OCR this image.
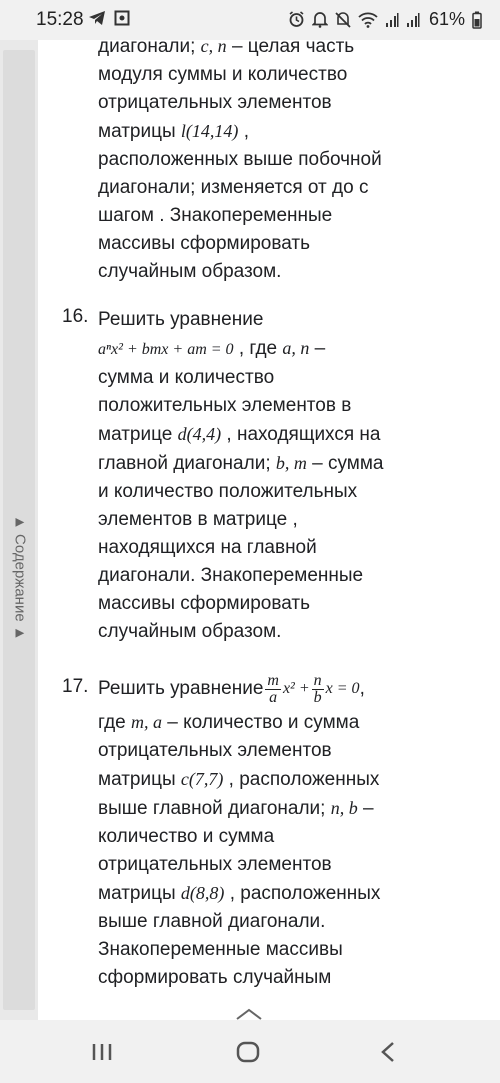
15:28	61%
▲ Содержание ▲
диагонали; c, n – целая часть
модуля суммы и количество
отрицательных элементов
матрицы l(14,14) ,
расположенных выше побочной
диагонали; изменяется от до с
шагом . Знакопеременные
массивы сформировать
случайным образом.
16. Решить уравнение
aⁿx² + bmx + am = 0 , где a, n –
сумма и количество
положительных элементов в
матрице d(4,4) , находящихся на
главной диагонали; b, m – сумма
и количество положительных
элементов в матрице ,
находящихся на главной
диагонали. Знакопеременные
массивы сформировать
случайным образом.
17. Решить уравнение $\frac{m}{a} x^2 + \frac{n}{b}$ x = 0 ,
где m, a – количество и сумма
отрицательных элементов
матрицы c(7,7) , расположенных
выше главной диагонали; n, b –
количество и сумма
отрицательных элементов
матрицы d(8,8) , расположенных
выше главной диагонали.
Знакопеременные массивы
сформировать случайным
